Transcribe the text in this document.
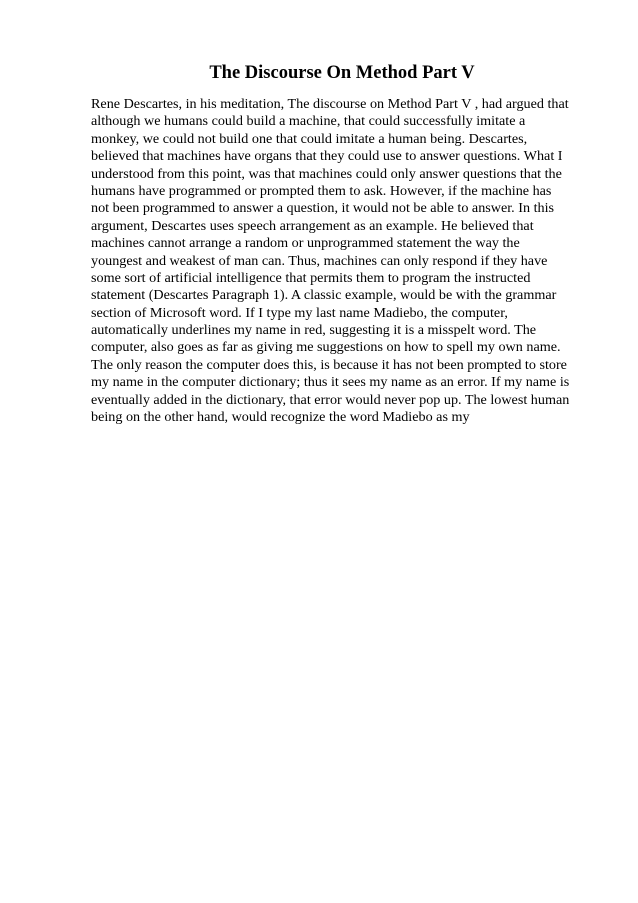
The Discourse On Method Part V
Rene Descartes, in his meditation, The discourse on Method Part V , had argued that
although we humans could build a machine, that could successfully imitate a
monkey, we could not build one that could imitate a human being. Descartes,
believed that machines have organs that they could use to answer questions. What I
understood from this point, was that machines could only answer questions that the
humans have programmed or prompted them to ask. However, if the machine has
not been programmed to answer a question, it would not be able to answer. In this
argument, Descartes uses speech arrangement as an example. He believed that
machines cannot arrange a random or unprogrammed statement the way the
youngest and weakest of man can. Thus, machines can only respond if they have
some sort of artificial intelligence that permits them to program the instructed
statement (Descartes Paragraph 1). A classic example, would be with the grammar
section of Microsoft word. If I type my last name Madiebo, the computer,
automatically underlines my name in red, suggesting it is a misspelt word. The
computer, also goes as far as giving me suggestions on how to spell my own name.
The only reason the computer does this, is because it has not been prompted to store
my name in the computer dictionary; thus it sees my name as an error. If my name is
eventually added in the dictionary, that error would never pop up. The lowest human
being on the other hand, would recognize the word Madiebo as my
